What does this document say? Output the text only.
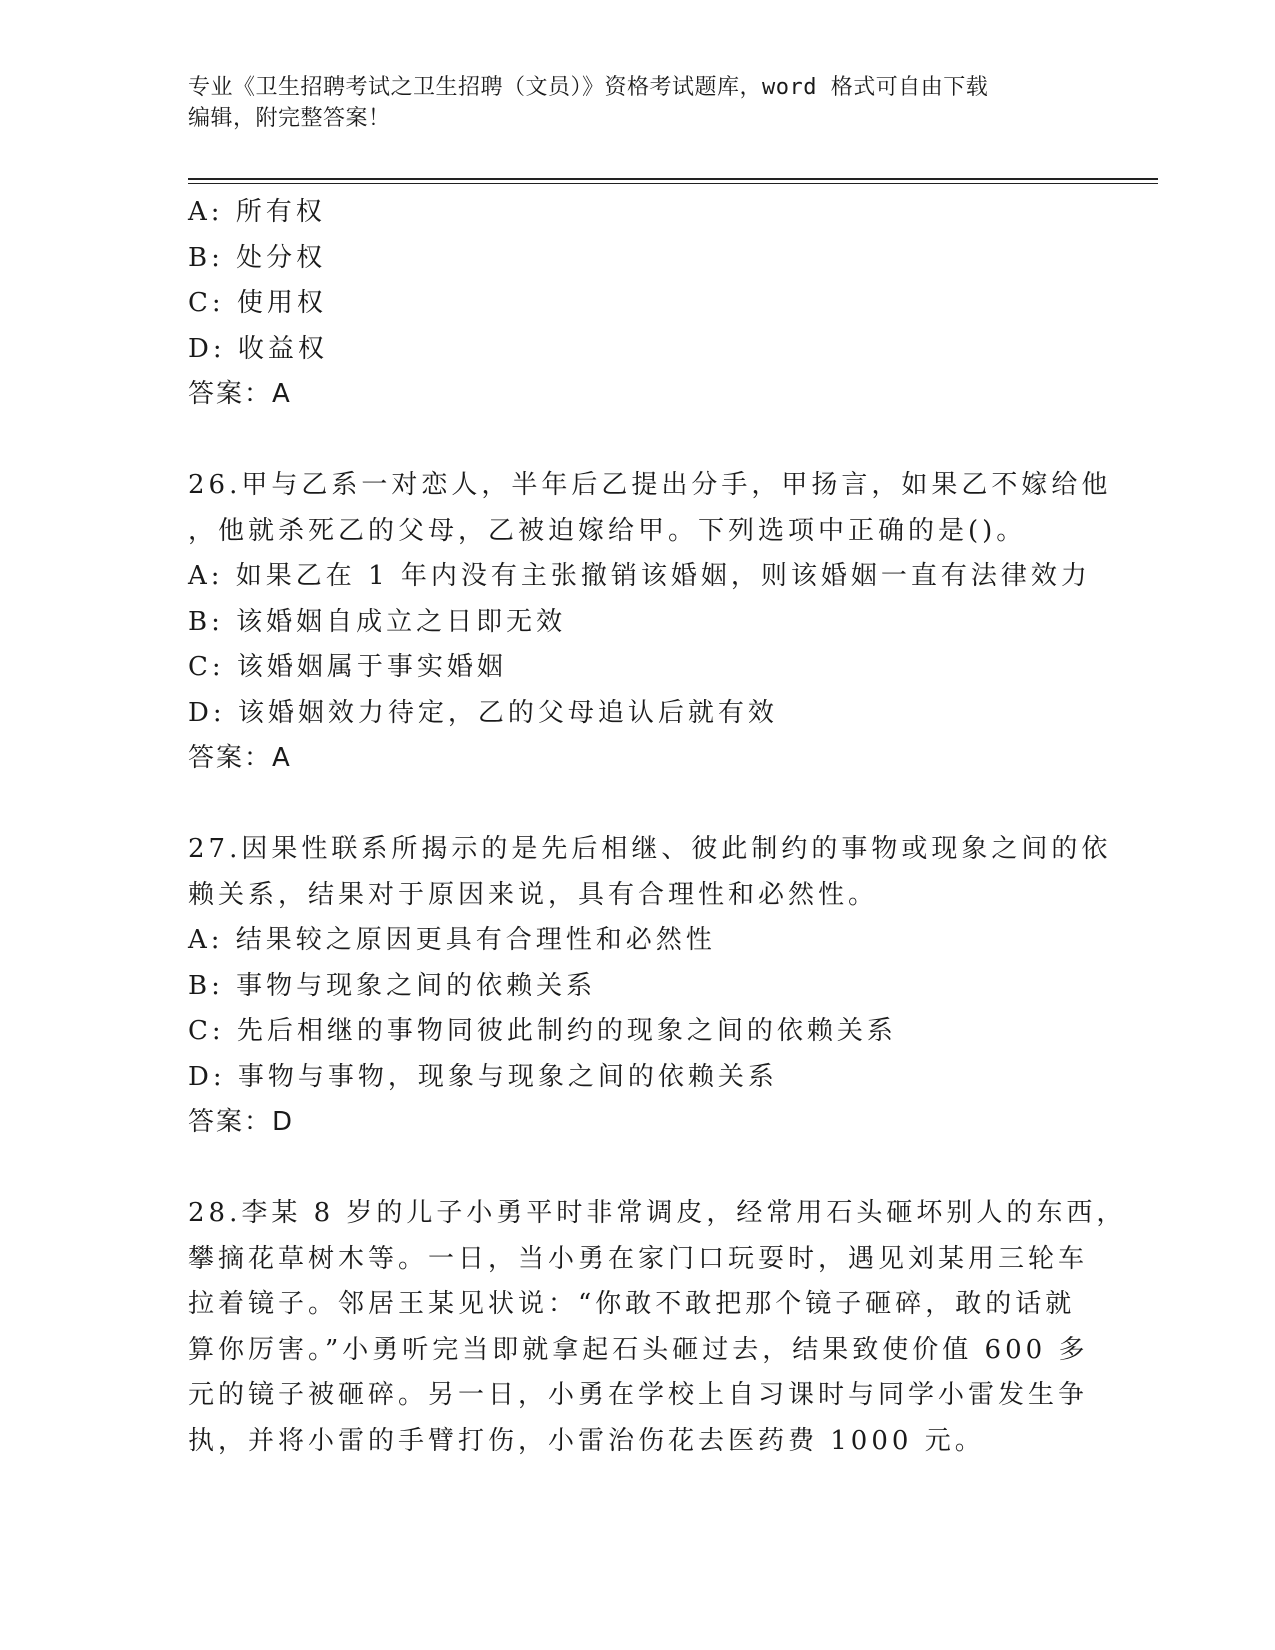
专业《卫生招聘考试之卫生招聘（文员）》资格考试题库，word 格式可自由下载
编辑，附完整答案！
A: 所有权
B: 处分权
C: 使用权
D: 收益权
答案：A
26.甲与乙系一对恋人，半年后乙提出分手，甲扬言，如果乙不嫁给他
，他就杀死乙的父母，乙被迫嫁给甲。下列选项中正确的是()。
A: 如果乙在 1 年内没有主张撤销该婚姻，则该婚姻一直有法律效力
B: 该婚姻自成立之日即无效
C: 该婚姻属于事实婚姻
D: 该婚姻效力待定，乙的父母追认后就有效
答案：A
27.因果性联系所揭示的是先后相继、彼此制约的事物或现象之间的依
赖关系，结果对于原因来说，具有合理性和必然性。
A: 结果较之原因更具有合理性和必然性
B: 事物与现象之间的依赖关系
C: 先后相继的事物同彼此制约的现象之间的依赖关系
D: 事物与事物，现象与现象之间的依赖关系
答案：D
28.李某 8 岁的儿子小勇平时非常调皮，经常用石头砸坏别人的东西，
攀摘花草树木等。一日，当小勇在家门口玩耍时，遇见刘某用三轮车
拉着镜子。邻居王某见状说：“你敢不敢把那个镜子砸碎，敢的话就
算你厉害。”小勇听完当即就拿起石头砸过去，结果致使价值 600 多
元的镜子被砸碎。另一日，小勇在学校上自习课时与同学小雷发生争
执，并将小雷的手臂打伤，小雷治伤花去医药费 1000 元。
